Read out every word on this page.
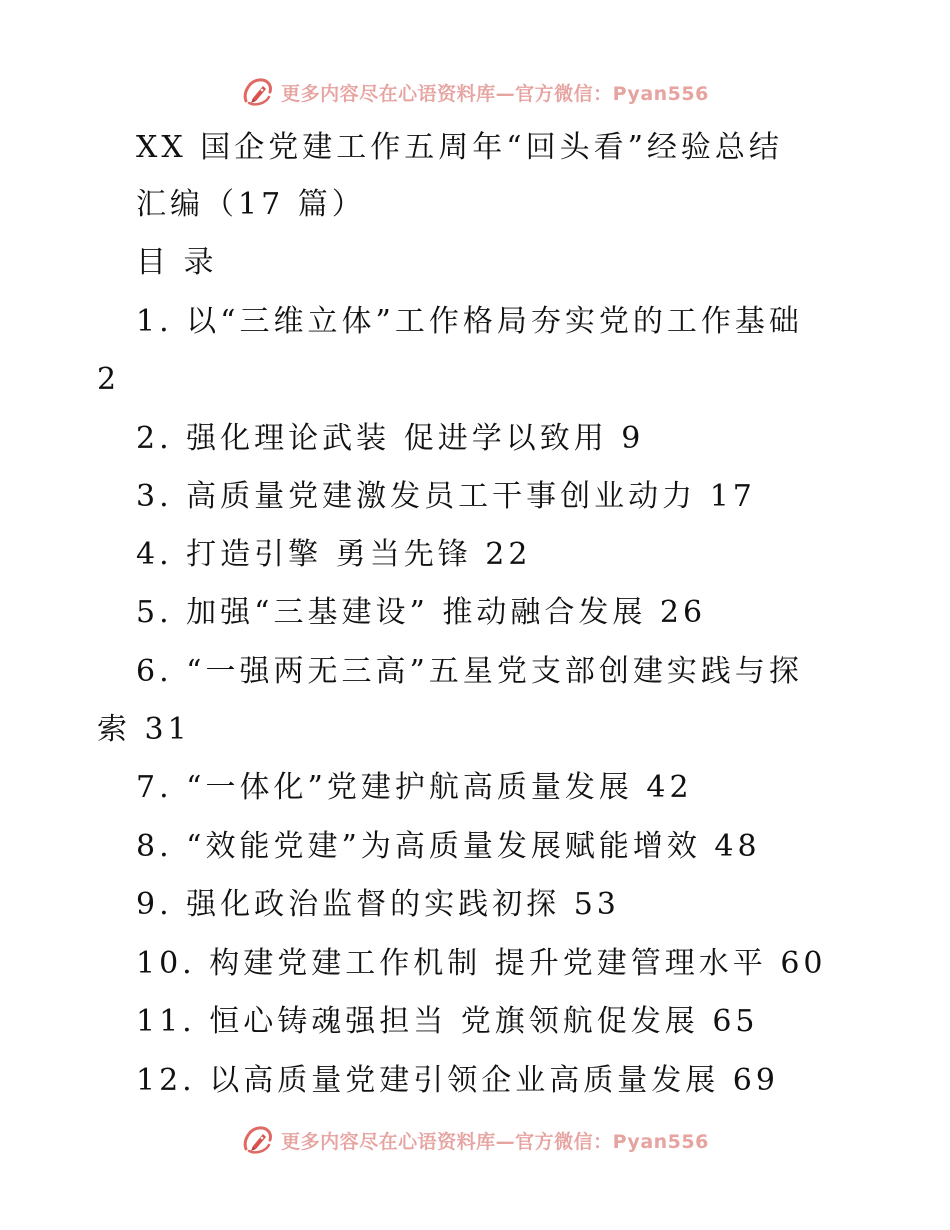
更多内容尽在心语资料库—官方微信：Pyan556
XX 国企党建工作五周年“回头看”经验总结
汇编（17 篇）
目 录
1. 以“三维立体”工作格局夯实党的工作基础
2
2. 强化理论武装 促进学以致用 9
3. 高质量党建激发员工干事创业动力 17
4. 打造引擎 勇当先锋 22
5. 加强“三基建设” 推动融合发展 26
6. “一强两无三高”五星党支部创建实践与探
索 31
7. “一体化”党建护航高质量发展 42
8. “效能党建”为高质量发展赋能增效 48
9. 强化政治监督的实践初探 53
10. 构建党建工作机制 提升党建管理水平 60
11. 恒心铸魂强担当 党旗领航促发展 65
12. 以高质量党建引领企业高质量发展 69
更多内容尽在心语资料库—官方微信：Pyan556
